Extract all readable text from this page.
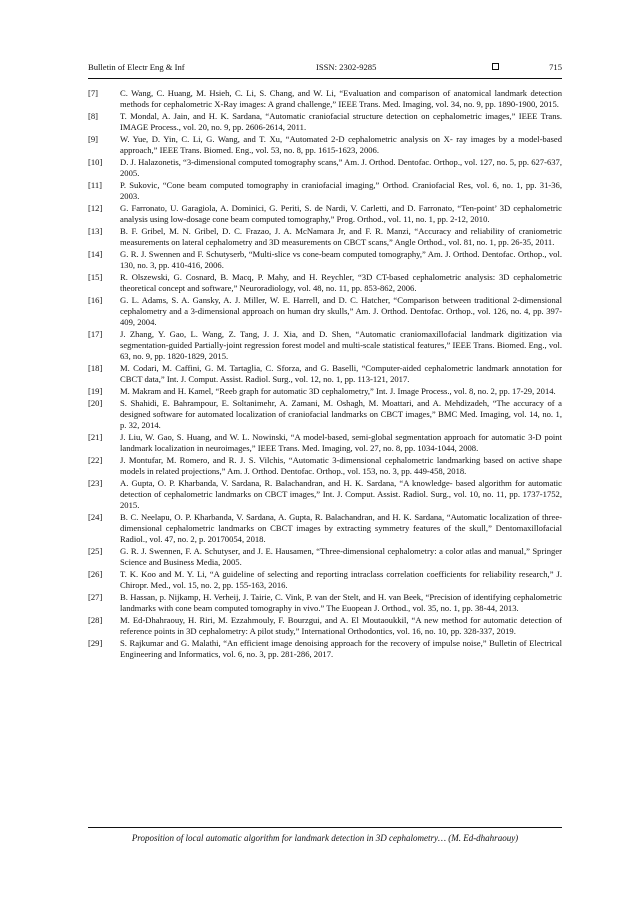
Bulletin of Electr Eng & Inf	ISSN: 2302-9285	715
[7]	C. Wang, C. Huang, M. Hsieh, C. Li, S. Chang, and W. Li, “Evaluation and comparison of anatomical landmark detection methods for cephalometric X-Ray images: A grand challenge,” IEEE Trans. Med. Imaging, vol. 34, no. 9, pp. 1890-1900, 2015.
[8]	T. Mondal, A. Jain, and H. K. Sardana, “Automatic craniofacial structure detection on cephalometric images,” IEEE Trans. IMAGE Process., vol. 20, no. 9, pp. 2606-2614, 2011.
[9]	W. Yue, D. Yin, C. Li, G. Wang, and T. Xu, “Automated 2-D cephalometric analysis on X- ray images by a model-based approach,” IEEE Trans. Biomed. Eng., vol. 53, no. 8, pp. 1615-1623, 2006.
[10] D. J. Halazonetis, “3-dimensional computed tomography scans,” Am. J. Orthod. Dentofac. Orthop., vol. 127, no. 5, pp. 627-637, 2005.
[11] P. Sukovic, “Cone beam computed tomography in craniofacial imaging,” Orthod. Craniofacial Res, vol. 6, no. 1, pp. 31-36, 2003.
[12] G. Farronato, U. Garagiola, A. Dominici, G. Periti, S. de Nardi, V. Carletti, and D. Farronato, “Ten-point’ 3D cephalometric analysis using low-dosage cone beam computed tomography,” Prog. Orthod., vol. 11, no. 1, pp. 2-12, 2010.
[13] B. F. Gribel, M. N. Gribel, D. C. Frazao, J. A. McNamara Jr, and F. R. Manzi, “Accuracy and reliability of craniometric measurements on lateral cephalometry and 3D measurements on CBCT scans,” Angle Orthod., vol. 81, no. 1, pp. 26-35, 2011.
[14] G. R. J. Swennen and F. Schutyserb, “Multi-slice vs cone-beam computed tomography,” Am. J. Orthod. Dentofac. Orthop., vol. 130, no. 3, pp. 410-416, 2006.
[15] R. Olszewski, G. Cosnard, B. Macq, P. Mahy, and H. Reychler, “3D CT-based cephalometric analysis: 3D cephalometric theoretical concept and software,” Neuroradiology, vol. 48, no. 11, pp. 853-862, 2006.
[16] G. L. Adams, S. A. Gansky, A. J. Miller, W. E. Harrell, and D. C. Hatcher, “Comparison between traditional 2-dimensional cephalometry and a 3-dimensional approach on human dry skulls,” Am. J. Orthod. Dentofac. Orthop., vol. 126, no. 4, pp. 397-409, 2004.
[17] J. Zhang, Y. Gao, L. Wang, Z. Tang, J. J. Xia, and D. Shen, “Automatic craniomaxillofacial landmark digitization via segmentation-guided Partially-joint regression forest model and multi-scale statistical features,” IEEE Trans. Biomed. Eng., vol. 63, no. 9, pp. 1820-1829, 2015.
[18] M. Codari, M. Caffini, G. M. Tartaglia, C. Sforza, and G. Baselli, “Computer-aided cephalometric landmark annotation for CBCT data,” Int. J. Comput. Assist. Radiol. Surg., vol. 12, no. 1, pp. 113-121, 2017.
[19] M. Makram and H. Kamel, “Reeb graph for automatic 3D cephalometry,” Int. J. Image Process., vol. 8, no. 2, pp. 17-29, 2014.
[20] S. Shahidi, E. Bahrampour, E. Soltanimehr, A. Zamani, M. Oshagh, M. Moattari, and A. Mehdizadeh, “The accuracy of a designed software for automated localization of craniofacial landmarks on CBCT images,” BMC Med. Imaging, vol. 14, no. 1, p. 32, 2014.
[21] J. Liu, W. Gao, S. Huang, and W. L. Nowinski, “A model-based, semi-global segmentation approach for automatic 3-D point landmark localization in neuroimages,” IEEE Trans. Med. Imaging, vol. 27, no. 8, pp. 1034-1044, 2008.
[22] J. Montufar, M. Romero, and R. J. S. Vilchis, “Automatic 3-dimensional cephalometric landmarking based on active shape models in related projections,” Am. J. Orthod. Dentofac. Orthop., vol. 153, no. 3, pp. 449-458, 2018.
[23] A. Gupta, O. P. Kharbanda, V. Sardana, R. Balachandran, and H. K. Sardana, “A knowledge- based algorithm for automatic detection of cephalometric landmarks on CBCT images,” Int. J. Comput. Assist. Radiol. Surg., vol. 10, no. 11, pp. 1737-1752, 2015.
[24] B. C. Neelapu, O. P. Kharbanda, V. Sardana, A. Gupta, R. Balachandran, and H. K. Sardana, “Automatic localization of three-dimensional cephalometric landmarks on CBCT images by extracting symmetry features of the skull,” Dentomaxillofacial Radiol., vol. 47, no. 2, p. 20170054, 2018.
[25] G. R. J. Swennen, F. A. Schutyser, and J. E. Hausamen, “Three-dimensional cephalometry: a color atlas and manual,” Springer Science and Business Media, 2005.
[26] T. K. Koo and M. Y. Li, “A guideline of selecting and reporting intraclass correlation coefficients for reliability research,” J. Chiropr. Med., vol. 15, no. 2, pp. 155-163, 2016.
[27] B. Hassan, p. Nijkamp, H. Verheij, J. Tairie, C. Vink, P. van der Stelt, and H. van Beek, “Precision of identifying cephalometric landmarks with cone beam computed tomography in vivo.” The Euopean J. Orthod., vol. 35, no. 1, pp. 38-44, 2013.
[28] M. Ed-Dhahraouy, H. Riri, M. Ezzahmouly, F. Bourzgui, and A. El Moutaoukkil, “A new method for automatic detection of reference points in 3D cephalometry: A pilot study,” International Orthodontics, vol. 16, no. 10, pp. 328-337, 2019.
[29] S. Rajkumar and G. Malathi, “An efficient image denoising approach for the recovery of impulse noise,” Bulletin of Electrical Engineering and Informatics, vol. 6, no. 3, pp. 281-286, 2017.
Proposition of local automatic algorithm for landmark detection in 3D cephalometry… (M. Ed-dhahraouy)
